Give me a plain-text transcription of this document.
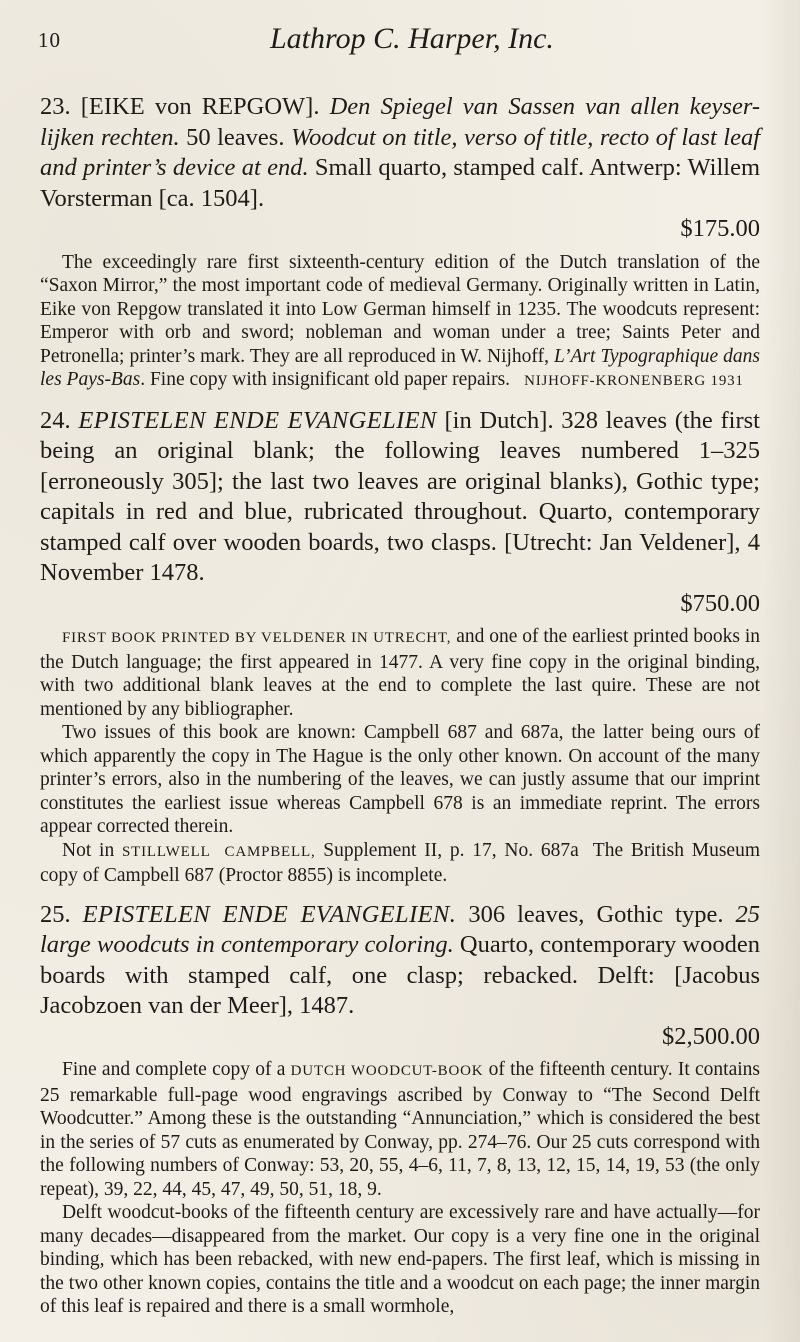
10	Lathrop C. Harper, Inc.
23. [EIKE von REPGOW]. Den Spiegel van Sassen van allen keyser-lijken rechten. 50 leaves. Woodcut on title, verso of title, recto of last leaf and printer’s device at end. Small quarto, stamped calf. Antwerp: Willem Vorsterman [ca. 1504].
$175.00

The exceedingly rare first sixteenth-century edition of the Dutch translation of the “Saxon Mirror,” the most important code of medieval Germany. Originally written in Latin, Eike von Repgow translated it into Low German himself in 1235. The woodcuts represent: Emperor with orb and sword; nobleman and woman under a tree; Saints Peter and Petronella; printer’s mark. They are all reproduced in W. Nijhoff, L’Art Typographique dans les Pays-Bas. Fine copy with insignificant old paper repairs. NIJHOFF-KRONENBERG 1931

24. EPISTELEN ENDE EVANGELIEN [in Dutch]. 328 leaves (the first being an original blank; the following leaves numbered 1–325 [erroneously 305]; the last two leaves are original blanks), Gothic type; capitals in red and blue, rubricated throughout. Quarto, contemporary stamped calf over wooden boards, two clasps. [Utrecht: Jan Veldener], 4 November 1478.
$750.00

FIRST BOOK PRINTED BY VELDENER IN UTRECHT, and one of the earliest printed books in the Dutch language; the first appeared in 1477. A very fine copy in the original binding, with two additional blank leaves at the end to complete the last quire. These are not mentioned by any bibliographer.

Two issues of this book are known: Campbell 687 and 687a, the latter being ours of which apparently the copy in The Hague is the only other known. On account of the many printer’s errors, also in the numbering of the leaves, we can justly assume that our imprint constitutes the earliest issue whereas Campbell 678 is an immediate reprint. The errors appear corrected therein.

Not in STILLWELL CAMPBELL, Supplement II, p. 17, No. 687a The British Museum copy of Campbell 687 (Proctor 8855) is incomplete.

25. EPISTELEN ENDE EVANGELIEN. 306 leaves, Gothic type. 25 large woodcuts in contemporary coloring. Quarto, contemporary wooden boards with stamped calf, one clasp; rebacked. Delft: [Jacobus Jacobzoen van der Meer], 1487.
$2,500.00

Fine and complete copy of a DUTCH WOODCUT-BOOK of the fifteenth century. It contains 25 remarkable full-page wood engravings ascribed by Conway to “The Second Delft Woodcutter.” Among these is the outstanding “Annunciation,” which is considered the best in the series of 57 cuts as enumerated by Conway, pp. 274–76. Our 25 cuts correspond with the following numbers of Conway: 53, 20, 55, 4–6, 11, 7, 8, 13, 12, 15, 14, 19, 53 (the only repeat), 39, 22, 44, 45, 47, 49, 50, 51, 18, 9.

Delft woodcut-books of the fifteenth century are excessively rare and have actually—for many decades—disappeared from the market. Our copy is a very fine one in the original binding, which has been rebacked, with new end-papers. The first leaf, which is missing in the two other known copies, contains the title and a woodcut on each page; the inner margin of this leaf is repaired and there is a small wormhole,
